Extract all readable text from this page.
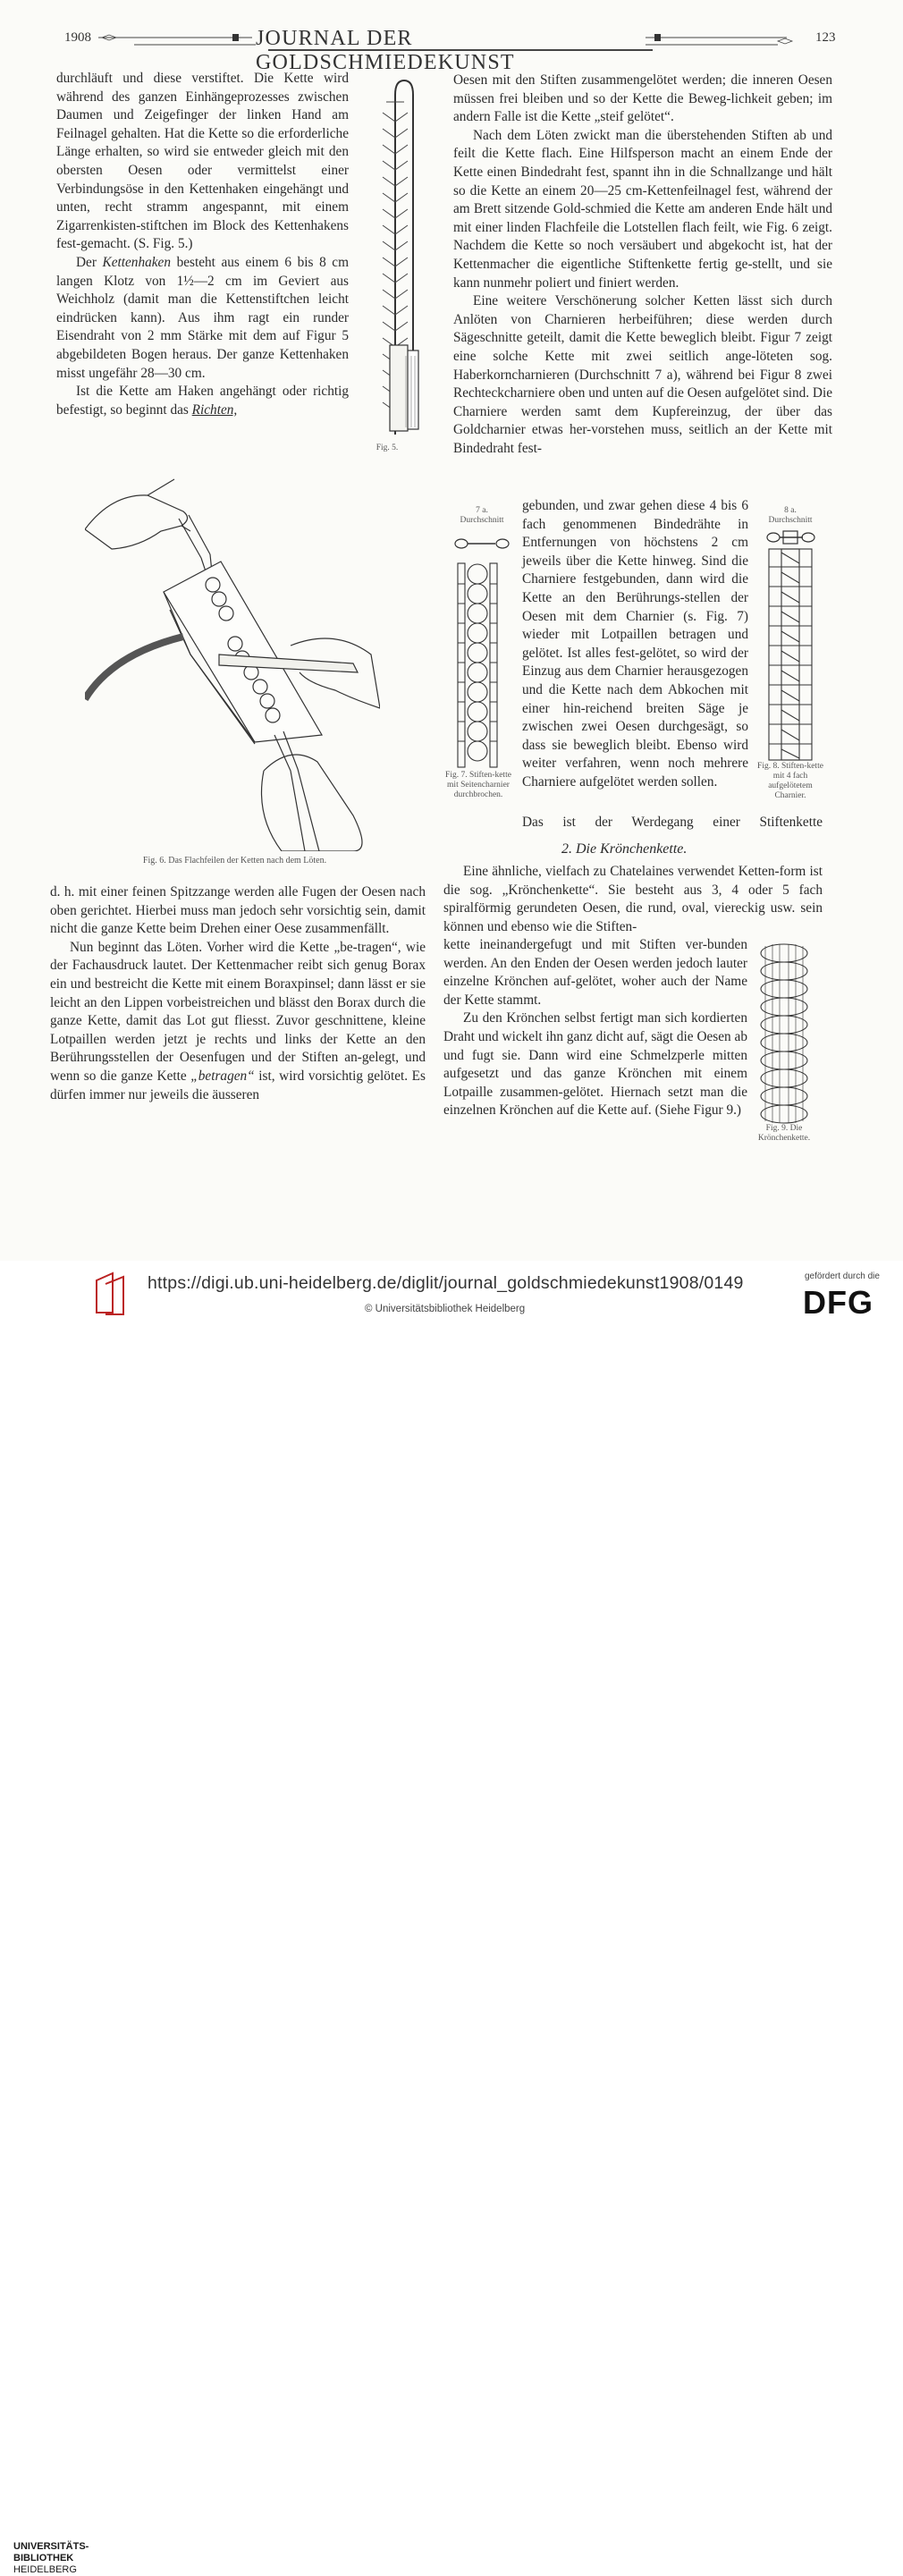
1908	JOURNAL DER GOLDSCHMIEDEKUNST
123

durchläuft und diese verstiftet. Die Kette wird während des ganzen Einhängeprozesses zwischen Daumen und Zeigefinger der linken Hand am Feilnagel gehalten. Hat die Kette so die erforderliche Länge erhalten, so wird sie entweder gleich mit den obersten Oesen oder vermittelst einer Verbindungsöse in den Kettenhaken eingehängt und unten, recht stramm angespannt, mit einem Zigarrenkisten-stiftchen im Block des Kettenhakens fest-gemacht. (S. Fig. 5.)

Der Kettenhaken besteht aus einem 6 bis 8 cm langen Klotz von 1½—2 cm im Geviert aus Weichholz (damit man die Kettenstiftchen leicht eindrücken kann). Aus ihm ragt ein runder Eisendraht von 2 mm Stärke mit dem auf Figur 5 abgebildeten Bogen heraus. Der ganze Kettenhaken misst ungefähr 28—30 cm.

Ist die Kette am Haken angehängt oder richtig befestigt, so beginnt das Richten,

Fig. 5.
Fig. 6. Das Flachfeilen der Ketten nach dem Löten.

d. h. mit einer feinen Spitzzange werden alle Fugen der Oesen nach oben gerichtet. Hierbei muss man jedoch sehr vorsichtig sein, damit nicht die ganze Kette beim Drehen einer Oese zusammenfällt.

Nun beginnt das Löten. Vorher wird die Kette „be-tragen“, wie der Fachausdruck lautet. Der Kettenmacher reibt sich genug Borax ein und bestreicht die Kette mit einem Boraxpinsel; dann lässt er sie leicht an den Lippen vorbeistreichen und blässt den Borax durch die ganze Kette, damit das Lot gut fliesst. Zuvor geschnittene, kleine Lotpaillen werden jetzt je rechts und links der Kette an den Berührungsstellen der Oesenfugen und der Stiften an-gelegt, und wenn so die ganze Kette „betragen“ ist, wird vorsichtig gelötet. Es dürfen immer nur jeweils die äusseren

Oesen mit den Stiften zusammengelötet werden; die inneren Oesen müssen frei bleiben und so der Kette die Beweg-lichkeit geben; im andern Falle ist die Kette „steif gelötet“.

Nach dem Löten zwickt man die überstehenden Stiften ab und feilt die Kette flach. Eine Hilfsperson macht an einem Ende der Kette einen Bindedraht fest, spannt ihn in die Schnallzange und hält so die Kette an einem 20—25 cm-Kettenfeilnagel fest, während der am Brett sitzende Gold-schmied die Kette am anderen Ende hält und mit einer linden Flachfeile die Lotstellen flach feilt, wie Fig. 6 zeigt. Nachdem die Kette so noch versäubert und abgekocht ist, hat der Kettenmacher die eigentliche Stiftenkette fertig ge-stellt, und sie kann nunmehr poliert und finiert werden.

Eine weitere Verschönerung solcher Ketten lässt sich durch Anlöten von Charnieren herbeiführen; diese werden durch Sägeschnitte geteilt, damit die Kette beweglich bleibt. Figur 7 zeigt eine solche Kette mit zwei seitlich ange-löteten sog. Haberkorncharnieren (Durchschnitt 7 a), während bei Figur 8 zwei Rechteckcharniere oben und unten auf die Oesen aufgelötet sind. Die Charniere werden samt dem Kupfereinzug, der über das Goldcharnier etwas her-vorstehen muss, seitlich an der Kette mit Bindedraht fest-

7 a.
Durchschnitt
Fig. 7. Stiften-kette mit Seitencharnier durchbrochen.

gebunden, und zwar gehen diese 4 bis 6 fach genommenen Bindedrähte in Entfernungen von höchstens 2 cm jeweils über die Kette hinweg. Sind die Charniere festgebunden, dann wird die Kette an den Berührungs-stellen der Oesen mit dem Charnier (s. Fig. 7) wieder mit Lotpaillen betragen und gelötet. Ist alles fest-gelötet, so wird der Einzug aus dem Charnier herausgezogen und die Kette nach dem Abkochen mit einer hin-reichend breiten Säge je zwischen zwei Oesen durchgesägt, so dass sie beweglich bleibt. Ebenso wird weiter verfahren, wenn noch mehrere Charniere aufgelötet werden sollen.

Das ist der Werdegang einer Stiftenkette

8 a.
Durchschnitt
Fig. 8. Stiften-kette mit 4 fach aufgelötetem Charnier.
2. Die Krönchenkette.

Eine ähnliche, vielfach zu Chatelaines verwendet Ketten-form ist die sog. „Krönchenkette“. Sie besteht aus 3, 4 oder 5 fach spiralförmig gerundeten Oesen, die rund, oval, viereckig usw. sein können und ebenso wie die Stiften-

kette ineinandergefugt und mit Stiften ver-bunden werden. An den Enden der Oesen werden jedoch lauter einzelne Krönchen auf-gelötet, woher auch der Name der Kette stammt.

Zu den Krönchen selbst fertigt man sich kordierten Draht und wickelt ihn ganz dicht auf, sägt die Oesen ab und fugt sie. Dann wird eine Schmelzperle mitten aufgesetzt und das ganze Krönchen mit einem Lotpaille zusammen-gelötet. Hiernach setzt man die einzelnen Krönchen auf die Kette auf. (Siehe Figur 9.)

Fig. 9. Die Krönchenkette.
UNIVERSITÄTS-
BIBLIOTHEK
HEIDELBERG
https://digi.ub.uni-heidelberg.de/diglit/journal_goldschmiedekunst1908/0149
© Universitätsbibliothek Heidelberg
gefördert durch die
DFG
